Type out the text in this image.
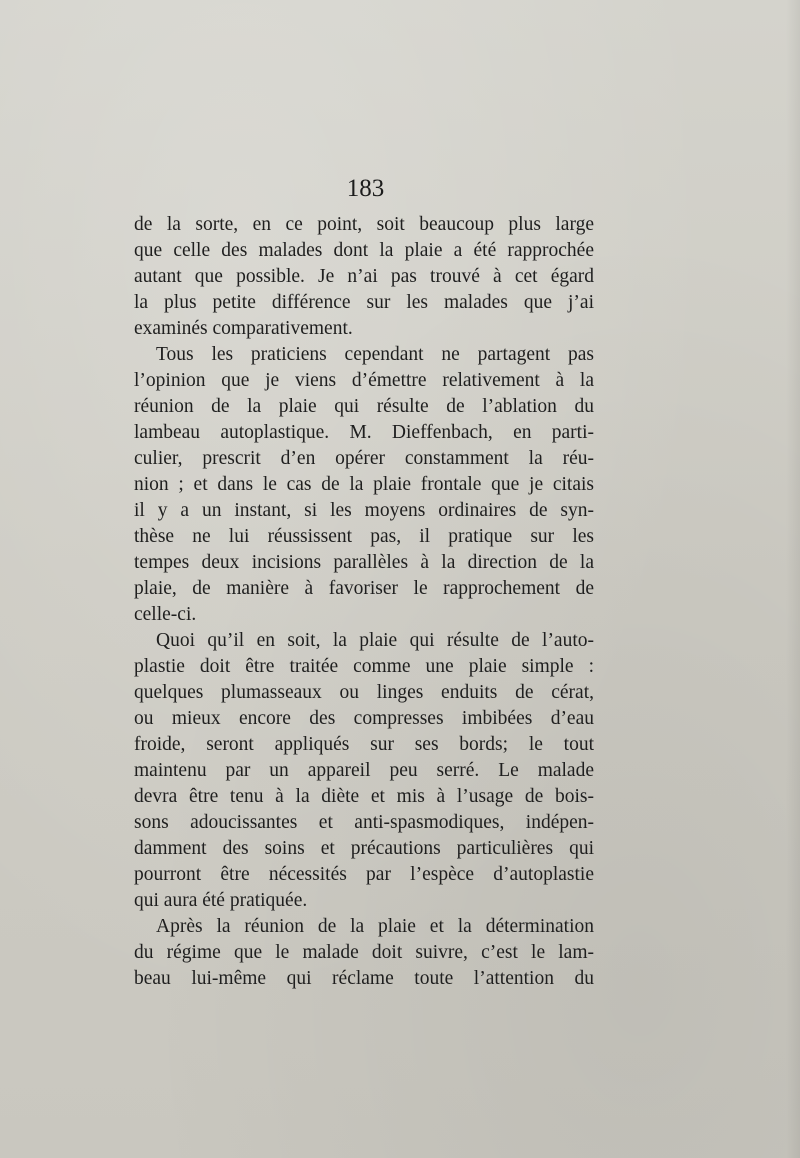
183
de la sorte, en ce point, soit beaucoup plus large
que celle des malades dont la plaie a été rapprochée
autant que possible. Je n’ai pas trouvé à cet égard
la plus petite différence sur les malades que j’ai
examinés comparativement.
Tous les praticiens cependant ne partagent pas
l’opinion que je viens d’émettre relativement à la
réunion de la plaie qui résulte de l’ablation du
lambeau autoplastique. M. Dieffenbach, en parti-
culier, prescrit d’en opérer constamment la réu-
nion ; et dans le cas de la plaie frontale que je citais
il y a un instant, si les moyens ordinaires de syn-
thèse ne lui réussissent pas, il pratique sur les
tempes deux incisions parallèles à la direction de la
plaie, de manière à favoriser le rapprochement de
celle-ci.
Quoi qu’il en soit, la plaie qui résulte de l’auto-
plastie doit être traitée comme une plaie simple :
quelques plumasseaux ou linges enduits de cérat,
ou mieux encore des compresses imbibées d’eau
froide, seront appliqués sur ses bords; le tout
maintenu par un appareil peu serré. Le malade
devra être tenu à la diète et mis à l’usage de bois-
sons adoucissantes et anti-spasmodiques, indépen-
damment des soins et précautions particulières qui
pourront être nécessités par l’espèce d’autoplastie
qui aura été pratiquée.
Après la réunion de la plaie et la détermination
du régime que le malade doit suivre, c’est le lam-
beau lui-même qui réclame toute l’attention du
